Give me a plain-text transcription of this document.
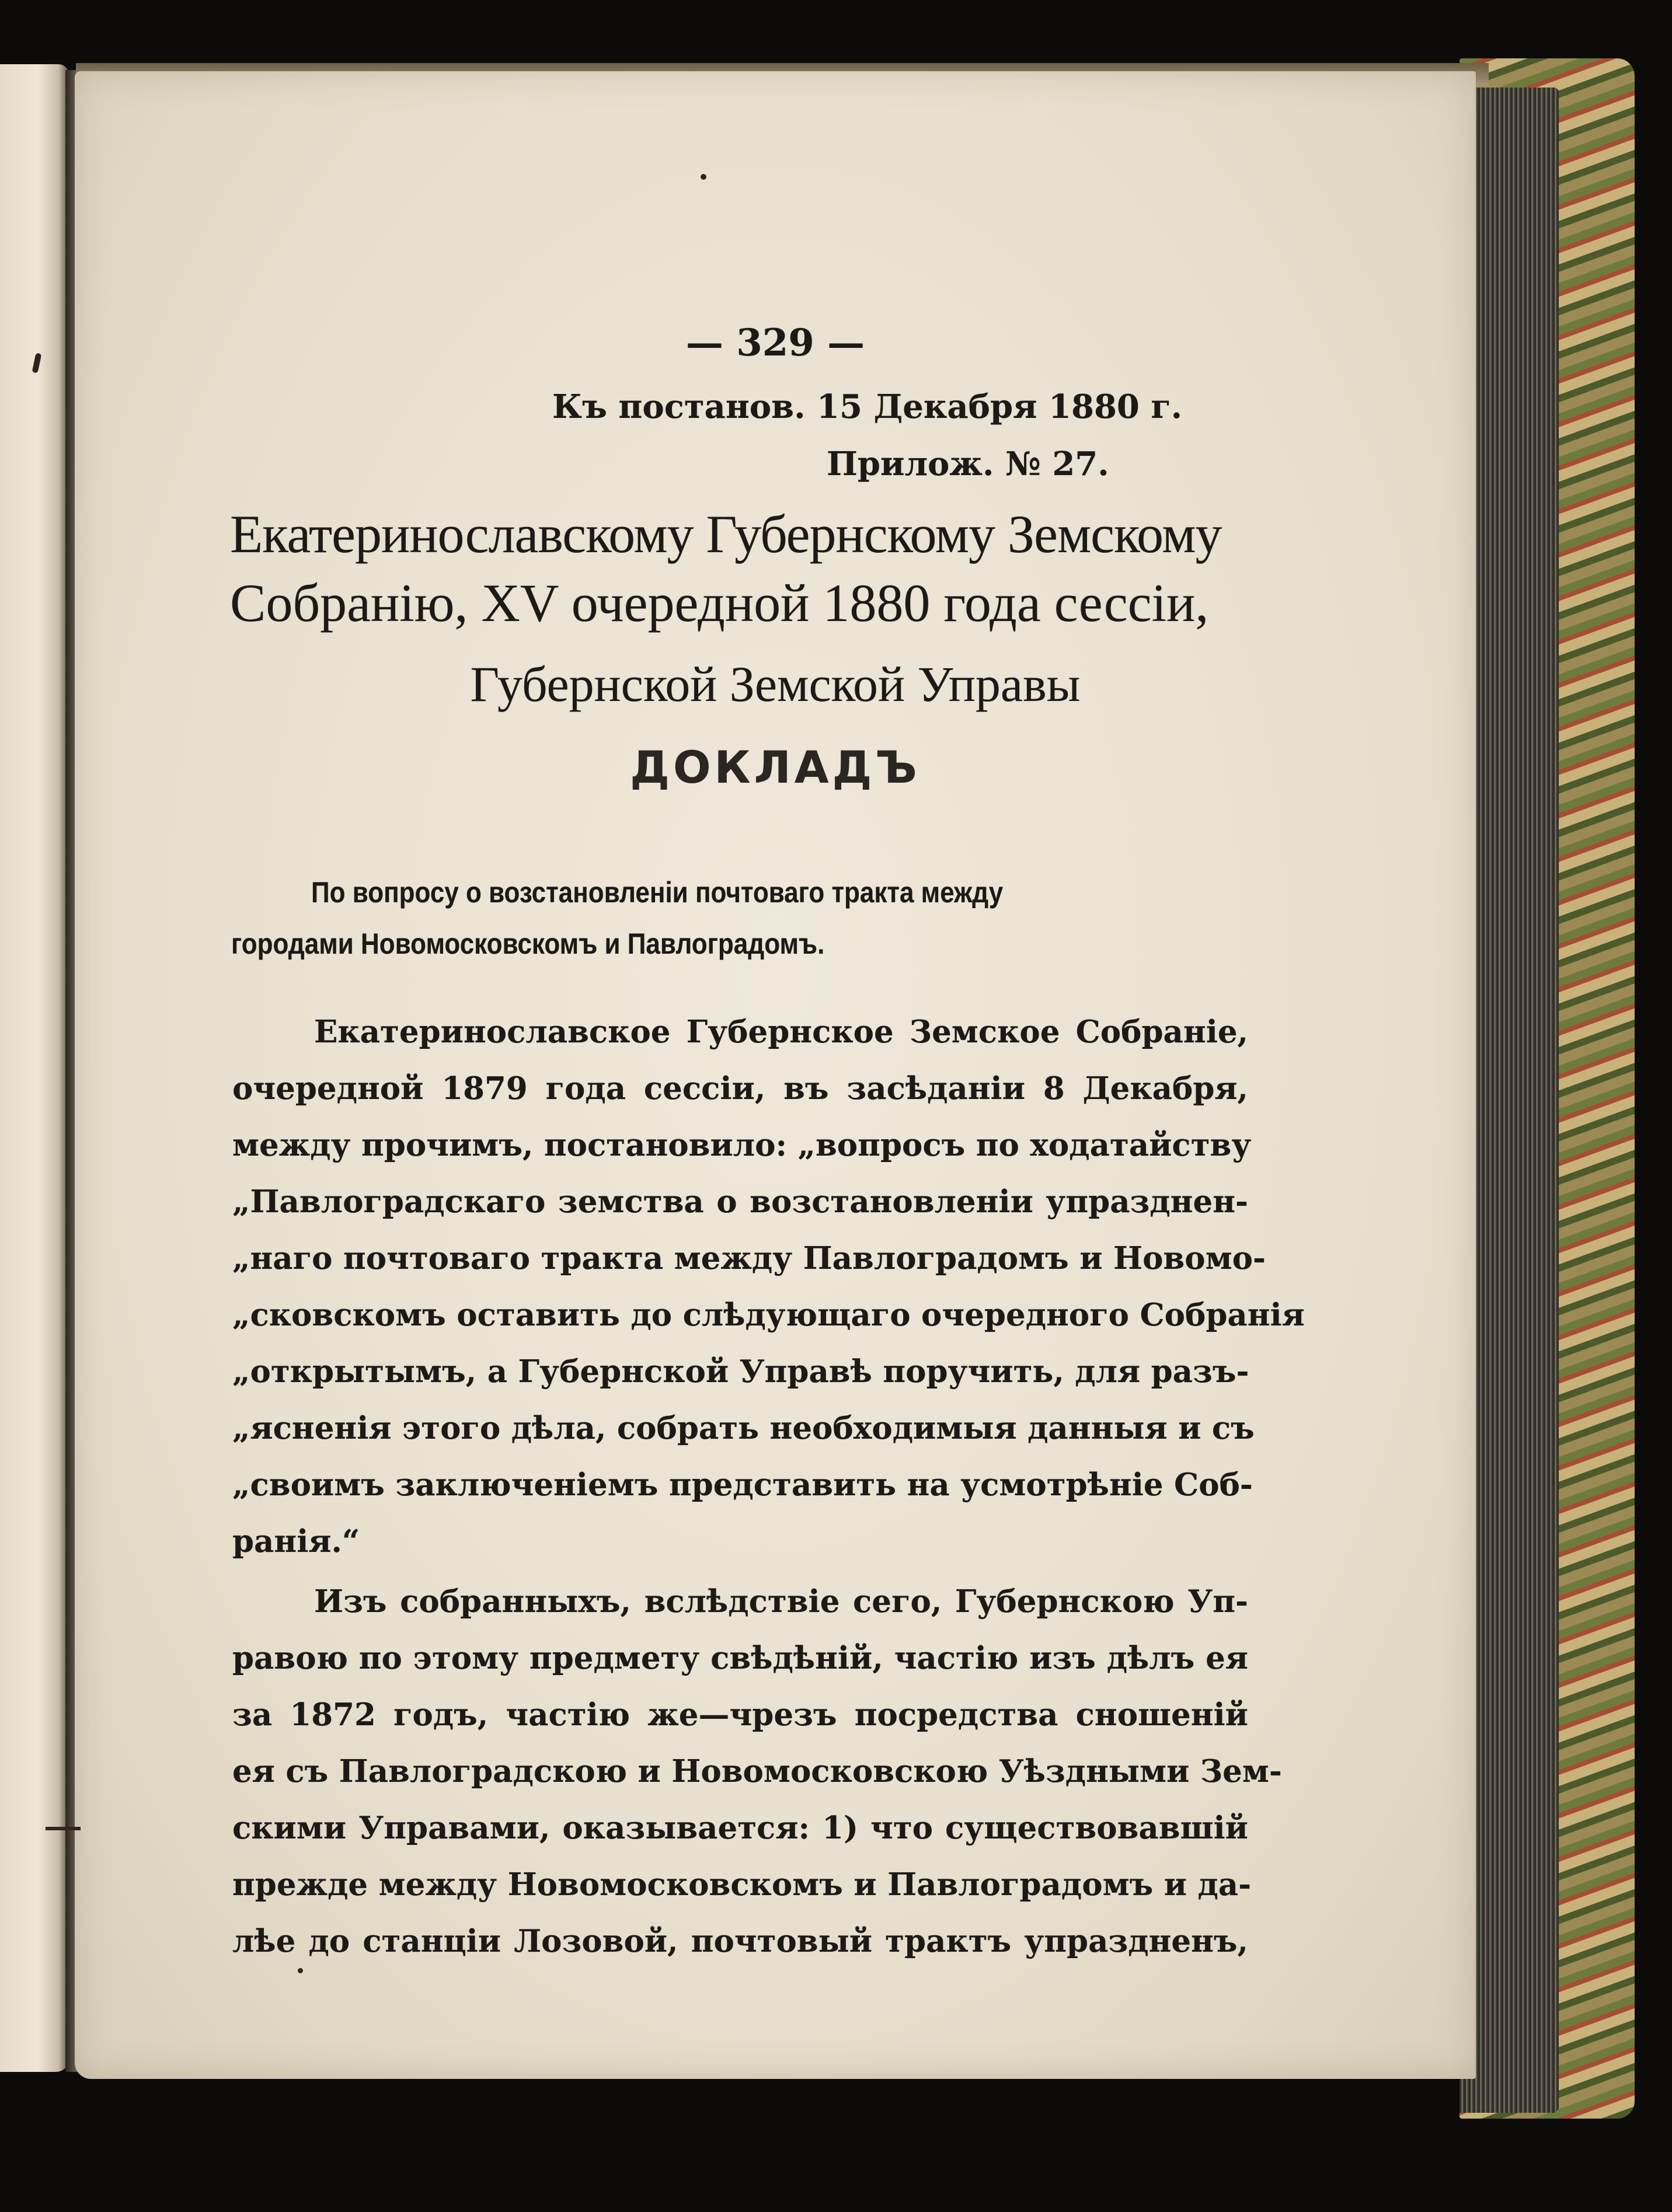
— 329 —
Къ постанов. 15 Декабря 1880 г.
Прилож. № 27.
Екатеринославскому Губернскому Земскому
Собранію, XV очередной 1880 года сессіи,
Губернской Земской Управы
ДОКЛАДЪ
По вопросу о возстановленіи почтоваго тракта между
городами Новомосковскомъ и Павлоградомъ.
Екатеринославское Губернское Земское Собраніе,
очередной 1879 года сессіи, въ засѣданіи 8 Декабря,
между прочимъ, постановило: „вопросъ по ходатайству
„Павлоградскаго земства о возстановленіи упразднен-
„наго почтоваго тракта между Павлоградомъ и Новомо-
„сковскомъ оставить до слѣдующаго очередного Собранія
„открытымъ, а Губернской Управѣ поручить, для разъ-
„ясненія этого дѣла, собрать необходимыя данныя и съ
„своимъ заключеніемъ представить на усмотрѣніе Соб-
ранія.“
Изъ собранныхъ, вслѣдствіе сего, Губернскою Уп-
равою по этому предмету свѣдѣній, частію изъ дѣлъ ея
за 1872 годъ, частію же—чрезъ посредства сношеній
ея съ Павлоградскою и Новомосковскою Уѣздными Зем-
скими Управами, оказывается: 1) что существовавшій
прежде между Новомосковскомъ и Павлоградомъ и да-
лѣе до станціи Лозовой, почтовый трактъ упраздненъ,
